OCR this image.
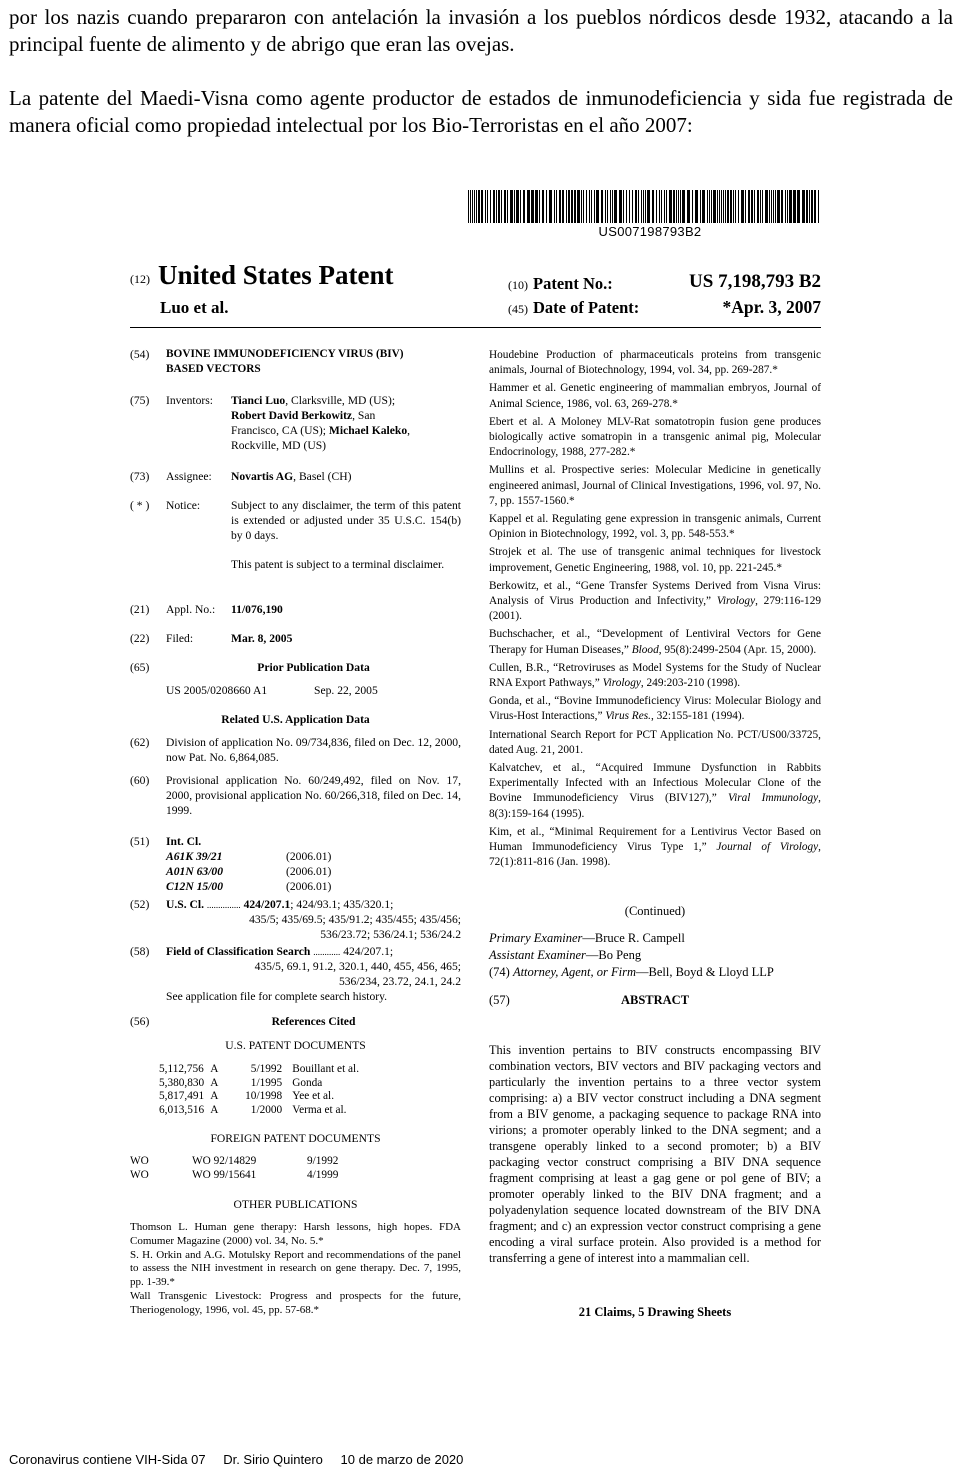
por los nazis cuando prepararon con antelación la invasión a los pueblos nórdicos desde 1932, atacando a la principal fuente de alimento y de abrigo que eran las ovejas.

La patente del Maedi-Visna como agente productor de estados de inmunodeficiencia y sida fue registrada de manera oficial como propiedad intelectual por los Bio-Terroristas en el año 2007:

US007198793B2
(12) United States Patent
Luo et al.
(10) Patent No.:	US 7,198,793 B2
(45) Date of Patent:	*Apr. 3, 2007
(54) BOVINE IMMUNODEFICIENCY VIRUS (BIV)
BASED VECTORS
(75) Inventors: Tianci Luo, Clarksville, MD (US);
Robert David Berkowitz, San
Francisco, CA (US); Michael Kaleko,
Rockville, MD (US)
(73) Assignee: Novartis AG, Basel (CH)
( * ) Notice:	Subject to any disclaimer, the term of this patent is extended or adjusted under 35 U.S.C. 154(b) by 0 days.
This patent is subject to a terminal disclaimer.
(21) Appl. No.: 11/076,190
(22) Filed:	Mar. 8, 2005
(65)	Prior Publication Data
US 2005/0208660 A1	Sep. 22, 2005
Related U.S. Application Data
(62) Division of application No. 09/734,836, filed on Dec. 12, 2000, now Pat. No. 6,864,085.
(60) Provisional application No. 60/249,492, filed on Nov. 17, 2000, provisional application No. 60/266,318, filed on Dec. 14, 1999.
(51) Int. Cl.
A61K 39/21	(2006.01)
A01N 63/00	(2006.01)
C12N 15/00	(2006.01)
(52) U.S. Cl. ............... 424/207.1; 424/93.1; 435/320.1;
435/5; 435/69.5; 435/91.2; 435/455; 435/456;
536/23.72; 536/24.1; 536/24.2
(58) Field of Classification Search ............ 424/207.1;
435/5, 69.1, 91.2, 320.1, 440, 455, 456, 465;
536/234, 23.72, 24.1, 24.2
See application file for complete search history.
(56)	References Cited
U.S. PATENT DOCUMENTS
5,112,756	A	5/1992	Bouillant et al.
5,380,830	A	1/1995	Gonda
5,817,491	A	10/1998	Yee et al.
6,013,516	A	1/2000	Verma et al.
FOREIGN PATENT DOCUMENTS
WO	WO 92/14829	9/1992
WO	WO 99/15641	4/1999
OTHER PUBLICATIONS
Thomson L. Human gene therapy: Harsh lessons, high hopes. FDA Comumer Magazine (2000) vol. 34, No. 5.*
S. H. Orkin and A.G. Motulsky Report and recommendations of the panel to assess the NIH investment in research on gene therapy. Dec. 7, 1995, pp. 1-39.*
Wall Transgenic Livestock: Progress and prospects for the future, Theriogenology, 1996, vol. 45, pp. 57-68.*

Houdebine Production of pharmaceuticals proteins from transgenic animals, Journal of Biotechnology, 1994, vol. 34, pp. 269-287.*

Hammer et al. Genetic engineering of mammalian embryos, Journal of Animal Science, 1986, vol. 63, 269-278.*

Ebert et al. A Moloney MLV-Rat somatotropin fusion gene produces biologically active somatropin in a transgenic animal pig, Molecular Endocrinology, 1988, 277-282.*

Mullins et al. Prospective series: Molecular Medicine in genetically engineered animasl, Journal of Clinical Investigations, 1996, vol. 97, No. 7, pp. 1557-1560.*

Kappel et al. Regulating gene expression in transgenic animals, Current Opinion in Biotechnology, 1992, vol. 3, pp. 548-553.*

Strojek et al. The use of transgenic animal techniques for livestock improvement, Genetic Engineering, 1988, vol. 10, pp. 221-245.*

Berkowitz, et al., “Gene Transfer Systems Derived from Visna Virus: Analysis of Virus Production and Infectivity,” Virology, 279:116-129 (2001).

Buchschacher, et al., “Development of Lentiviral Vectors for Gene Therapy for Human Diseases,” Blood, 95(8):2499-2504 (Apr. 15, 2000).

Cullen, B.R., “Retroviruses as Model Systems for the Study of Nuclear RNA Export Pathways,” Virology, 249:203-210 (1998).

Gonda, et al., “Bovine Immunodeficiency Virus: Molecular Biology and Virus-Host Interactions,” Virus Res., 32:155-181 (1994).

International Search Report for PCT Application No. PCT/US00/33725, dated Aug. 21, 2001.

Kalvatchev, et al., “Acquired Immune Dysfunction in Rabbits Experimentally Infected with an Infectious Molecular Clone of the Bovine Immunodeficiency Virus (BIV127),” Viral Immunology, 8(3):159-164 (1995).

Kim, et al., “Minimal Requirement for a Lentivirus Vector Based on Human Immunodeficiency Virus Type 1,” Journal of Virology, 72(1):811-816 (Jan. 1998).

(Continued)
Primary Examiner—Bruce R. Campell
Assistant Examiner—Bo Peng
(74) Attorney, Agent, or Firm—Bell, Boyd & Lloyd LLP
(57)	ABSTRACT
This invention pertains to BIV constructs encompassing BIV combination vectors, BIV vectors and BIV packaging vectors and particularly the invention pertains to a three vector system comprising: a) a BIV vector construct including a DNA segment from a BIV genome, a packaging sequence to package RNA into virions; a promoter operably linked to the DNA segment; and a transgene operably linked to a second promoter; b) a BIV packaging vector construct comprising a BIV DNA sequence fragment comprising at least a gag gene or pol gene of BIV; a promoter operably linked to the BIV DNA fragment; and a polyadenylation sequence located downstream of the BIV DNA fragment; and c) an expression vector construct comprising a gene encoding a viral surface protein. Also provided is a method for transferring a gene of interest into a mammalian cell.
21 Claims, 5 Drawing Sheets
Coronavirus contiene VIH-Sida 07 Dr. Sirio Quintero 10 de marzo de 2020
